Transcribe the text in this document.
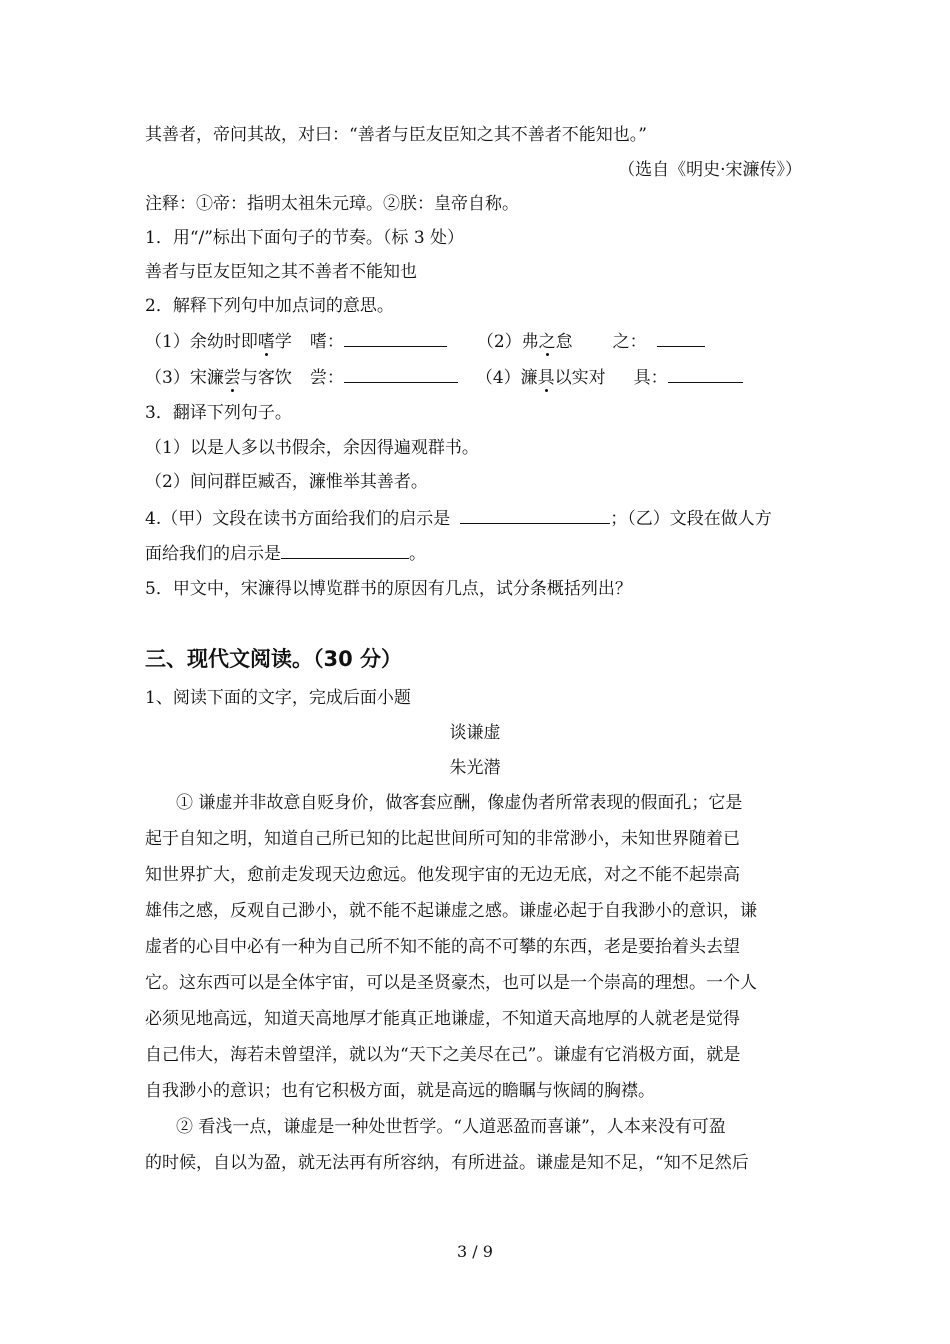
其善者，帝问其故，对曰：“善者与臣友臣知之其不善者不能知也。”
（选自《明史·宋濂传》）
注释：①帝：指明太祖朱元璋。②朕：皇帝自称。
1．用“/”标出下面句子的节奏。（标 3 处）
善者与臣友臣知之其不善者不能知也
2．解释下列句中加点词的意思。
（1）余幼时即嗜学 嗜：	（2）弗之怠 之：
（3）宋濂尝与客饮 尝：	（4）濂具以实对 具：
3．翻译下列句子。
（1）以是人多以书假余，余因得遍观群书。
（2）间问群臣臧否，濂惟举其善者。
4.（甲）文段在读书方面给我们的启示是	；（乙）文段在做人方
面给我们的启示是	。
5．甲文中，宋濂得以博览群书的原因有几点，试分条概括列出？
三、现代文阅读。（30 分）
1、阅读下面的文字，完成后面小题
谈谦虚
朱光潜
① 谦虚并非故意自贬身价，做客套应酬，像虚伪者所常表现的假面孔；它是
起于自知之明，知道自己所已知的比起世间所可知的非常渺小，未知世界随着已
知世界扩大，愈前走发现天边愈远。他发现宇宙的无边无底，对之不能不起崇高
雄伟之感，反观自己渺小，就不能不起谦虚之感。谦虚必起于自我渺小的意识，谦
虚者的心目中必有一种为自己所不知不能的高不可攀的东西，老是要抬着头去望
它。这东西可以是全体宇宙，可以是圣贤豪杰，也可以是一个崇高的理想。一个人
必须见地高远，知道天高地厚才能真正地谦虚，不知道天高地厚的人就老是觉得
自己伟大，海若未曾望洋，就以为“天下之美尽在己”。谦虚有它消极方面，就是
自我渺小的意识；也有它积极方面，就是高远的瞻瞩与恢阔的胸襟。
② 看浅一点，谦虚是一种处世哲学。“人道恶盈而喜谦”，人本来没有可盈
的时候，自以为盈，就无法再有所容纳，有所进益。谦虚是知不足，“知不足然后
3 / 9
